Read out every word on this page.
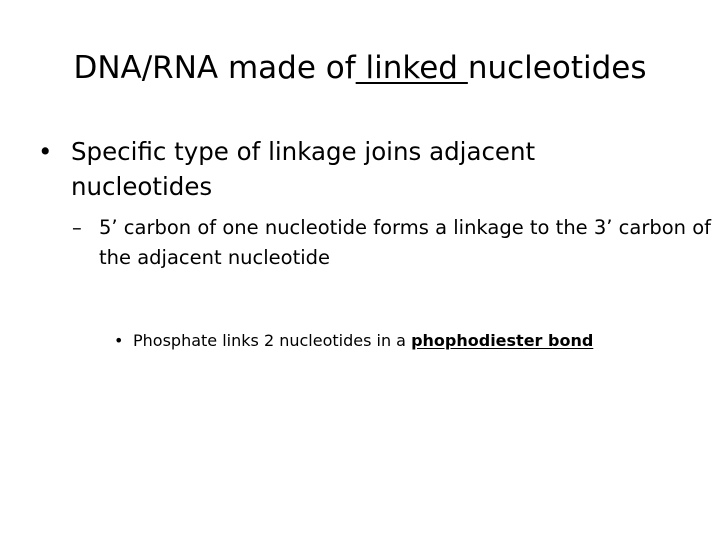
DNA/RNA made of linked nucleotides
• Specific type of linkage joins adjacent nucleotides
– 5’ carbon of one nucleotide forms a linkage to the 3’ carbon of the adjacent nucleotide
• Phosphate links 2 nucleotides in a phophodiester bond
